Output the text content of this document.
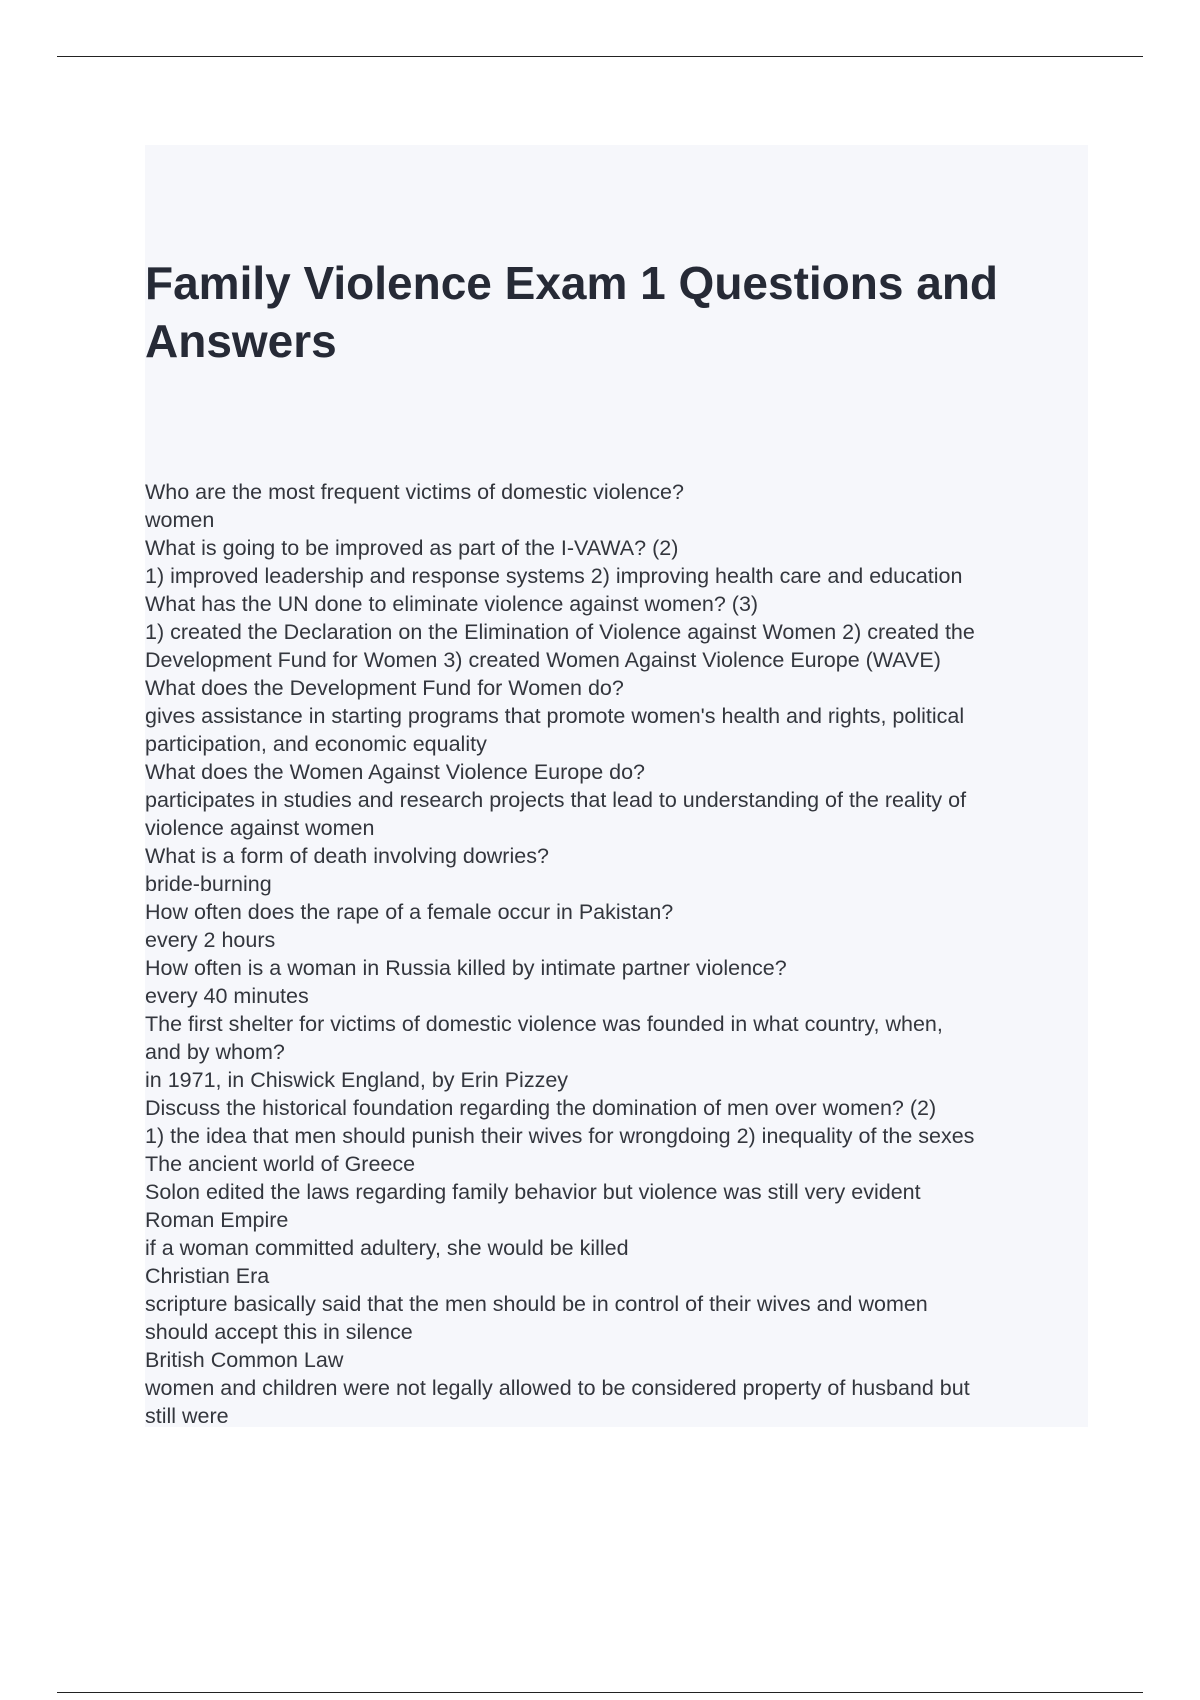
Family Violence Exam 1 Questions and Answers
Who are the most frequent victims of domestic violence?
women
What is going to be improved as part of the I-VAWA? (2)
1) improved leadership and response systems 2) improving health care and education
What has the UN done to eliminate violence against women? (3)
1) created the Declaration on the Elimination of Violence against Women 2) created the
Development Fund for Women 3) created Women Against Violence Europe (WAVE)
What does the Development Fund for Women do?
gives assistance in starting programs that promote women's health and rights, political
participation, and economic equality
What does the Women Against Violence Europe do?
participates in studies and research projects that lead to understanding of the reality of
violence against women
What is a form of death involving dowries?
bride-burning
How often does the rape of a female occur in Pakistan?
every 2 hours
How often is a woman in Russia killed by intimate partner violence?
every 40 minutes
The first shelter for victims of domestic violence was founded in what country, when,
and by whom?
in 1971, in Chiswick England, by Erin Pizzey
Discuss the historical foundation regarding the domination of men over women? (2)
1) the idea that men should punish their wives for wrongdoing 2) inequality of the sexes
The ancient world of Greece
Solon edited the laws regarding family behavior but violence was still very evident
Roman Empire
if a woman committed adultery, she would be killed
Christian Era
scripture basically said that the men should be in control of their wives and women
should accept this in silence
British Common Law
women and children were not legally allowed to be considered property of husband but
still were
